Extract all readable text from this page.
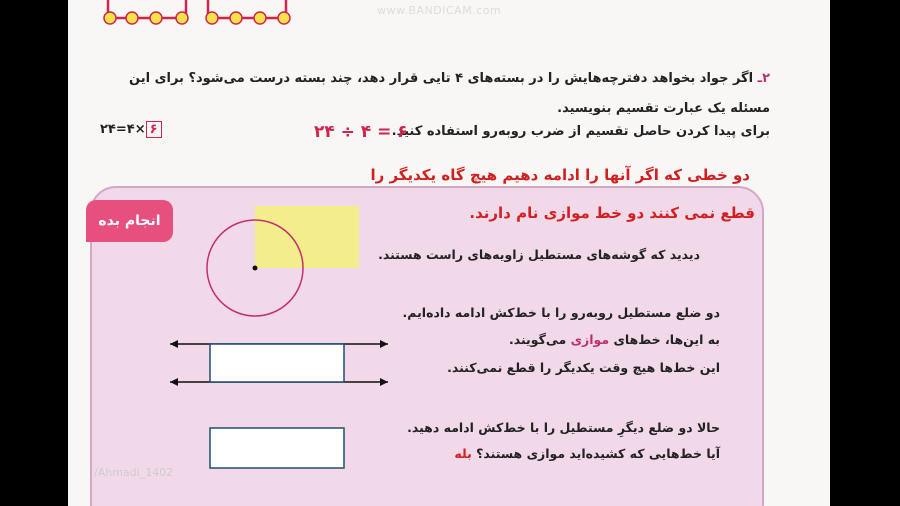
۲ـ اگر جواد بخواهد دفترچه‌هایش را در بسته‌های ۴ تایی قرار دهد، چند بسته درست می‌شود؟ برای این مسئله یک عبارت تقسیم بنویسید.
برای پیدا کردن حاصل تقسیم از ضرب روبه‌رو استفاده کنید.
۲۴ ÷ ۴ = ۶
۲۴=۴× ۶
انجام بده
دو خطی که اگر آنها را ادامه دهیم هیچ گاه یکدیگر را
قطع نمی کنند دو خط موازی نام دارند.
دیدید که گوشه‌های مستطیل زاویه‌های راست هستند.
دو ضلع مستطیل روبه‌رو را با خط‌کش ادامه داده‌ایم.
به این‌ها، خط‌های موازی می‌گویند.
این خط‌ها هیچ وقت یکدیگر را قطع نمی‌کنند.
حالا دو ضلع دیگرِ مستطیل را با خط‌کش ادامه دهید.
آیا خط‌هایی که کشیده‌اید موازی هستند؟ بله
www.BANDICAM.com
/Ahmadi_1402
